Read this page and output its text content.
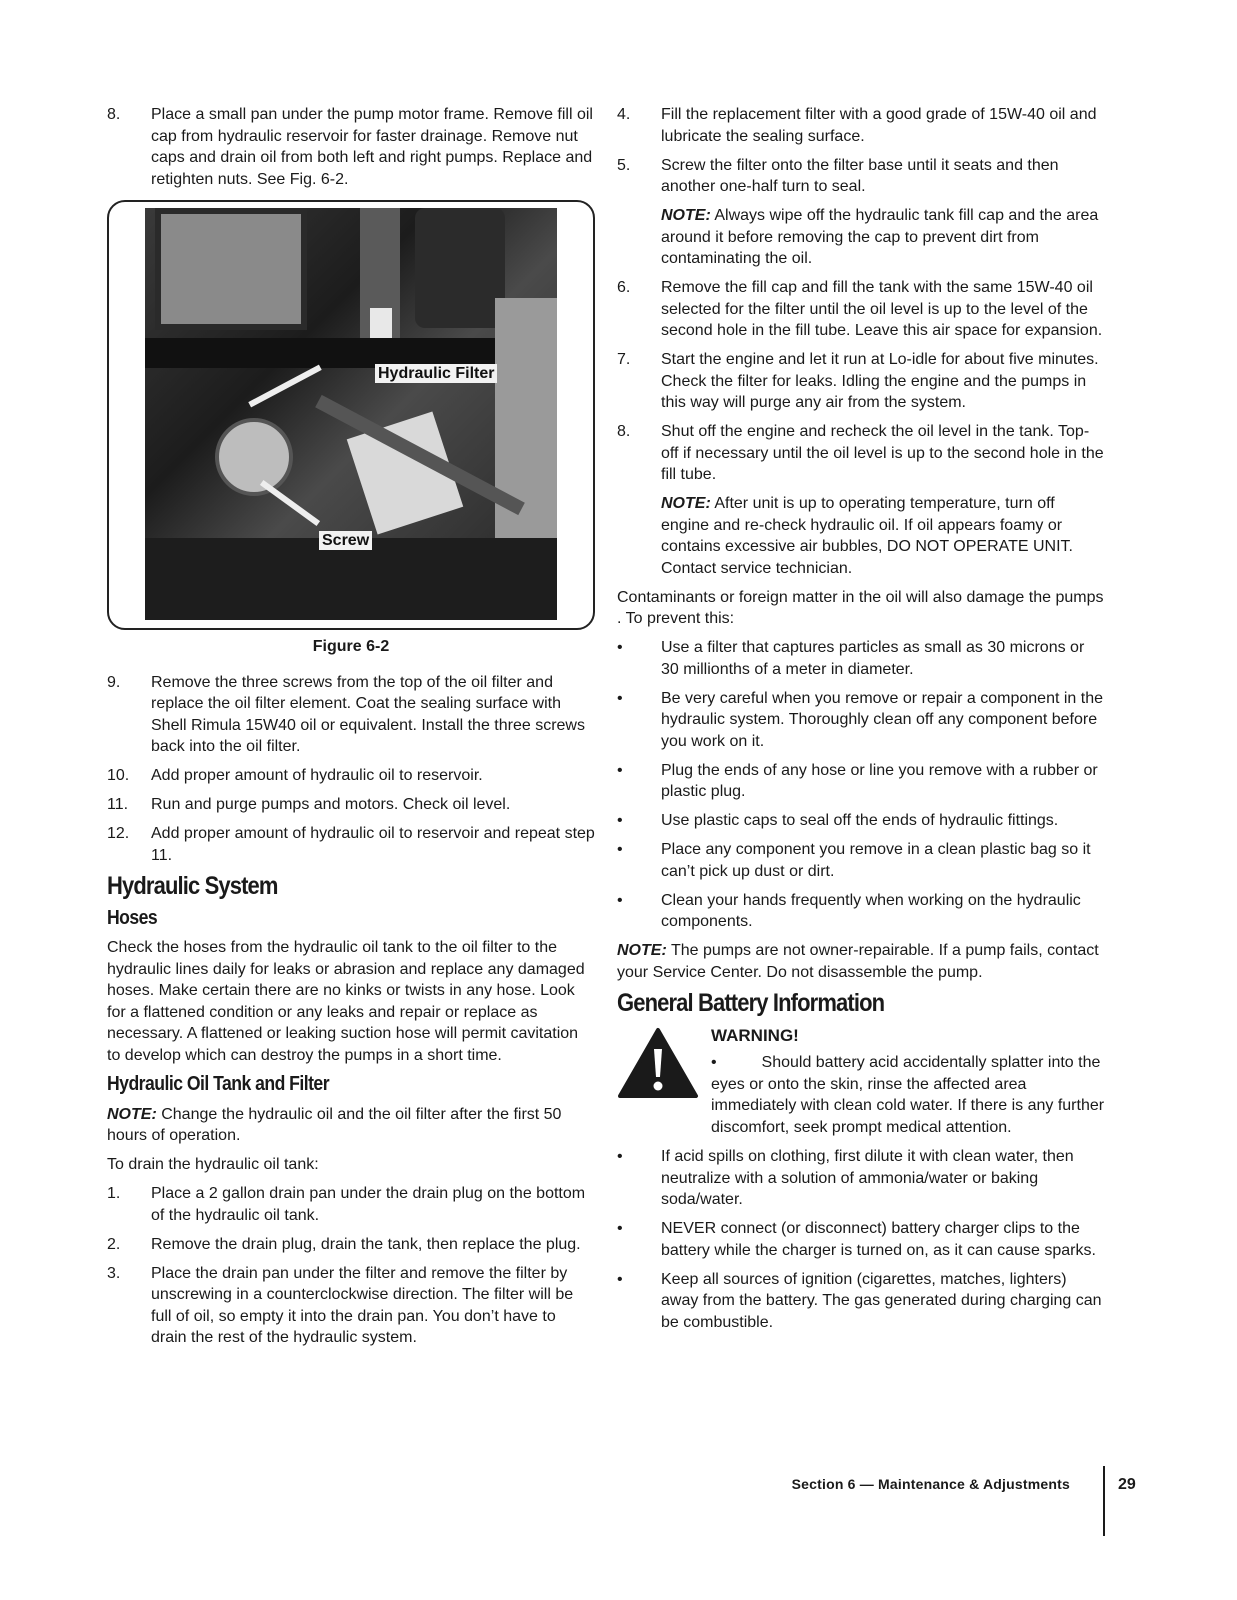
8.	Place a small pan under the pump motor frame. Remove fill oil cap from hydraulic reservoir for faster drainage. Remove nut caps and drain oil from both left and right pumps. Replace and retighten nuts. See Fig. 6-2.
Hydraulic Filter
Screw
Figure 6-2
9.	Remove the three screws from the top of the oil filter and replace the oil filter element. Coat the sealing surface with Shell Rimula 15W40 oil or equivalent. Install the three screws back into the oil filter.
10.	Add proper amount of hydraulic oil to reservoir.
11.	Run and purge pumps and motors. Check oil level.
12.	Add proper amount of hydraulic oil to reservoir and repeat step 11.
Hydraulic System
Hoses

Check the hoses from the hydraulic oil tank to the oil filter to the hydraulic lines daily for leaks or abrasion and replace any damaged hoses. Make certain there are no kinks or twists in any hose. Look for a flattened condition or any leaks and repair or replace as necessary. A flattened or leaking suction hose will permit cavitation to develop which can destroy the pumps in a short time.

Hydraulic Oil Tank and Filter

NOTE: Change the hydraulic oil and the oil filter after the first 50 hours of operation.

To drain the hydraulic oil tank:

1.	Place a 2 gallon drain pan under the drain plug on the bottom of the hydraulic oil tank.
2.	Remove the drain plug, drain the tank, then replace the plug.
3.	Place the drain pan under the filter and remove the filter by unscrewing in a counterclockwise direction. The filter will be full of oil, so empty it into the drain pan. You don’t have to drain the rest of the hydraulic system.
4.	Fill the replacement filter with a good grade of 15W-40 oil and lubricate the sealing surface.
5.	Screw the filter onto the filter base until it seats and then another one-half turn to seal.
NOTE: Always wipe off the hydraulic tank fill cap and the area around it before removing the cap to prevent dirt from contaminating the oil.
6.	Remove the fill cap and fill the tank with the same 15W-40 oil selected for the filter until the oil level is up to the level of the second hole in the fill tube. Leave this air space for expansion.
7.	Start the engine and let it run at Lo-idle for about five minutes. Check the filter for leaks. Idling the engine and the pumps in this way will purge any air from the system.
8.	Shut off the engine and recheck the oil level in the tank. Top-off if necessary until the oil level is up to the second hole in the fill tube.
NOTE: After unit is up to operating temperature, turn off engine and re-check hydraulic oil. If oil appears foamy or contains excessive air bubbles, DO NOT OPERATE UNIT. Contact service technician.

Contaminants or foreign matter in the oil will also damage the pumps . To prevent this:

•	Use a filter that captures particles as small as 30 microns or 30 millionths of a meter in diameter.
•	Be very careful when you remove or repair a component in the hydraulic system. Thoroughly clean off any component before you work on it.
•	Plug the ends of any hose or line you remove with a rubber or plastic plug.
•	Use plastic caps to seal off the ends of hydraulic fittings.
•	Place any component you remove in a clean plastic bag so it can’t pick up dust or dirt.
•	Clean your hands frequently when working on the hydraulic components.

NOTE: The pumps are not owner-repairable. If a pump fails, contact your Service Center. Do not disassemble the pump.

General Battery Information
WARNING!
•	Should battery acid accidentally splatter into the eyes or onto the skin, rinse the affected area immediately with clean cold water. If there is any further discomfort, seek prompt medical attention.
•	If acid spills on clothing, first dilute it with clean water, then neutralize with a solution of ammonia/water or baking soda/water.
•	NEVER connect (or disconnect) battery charger clips to the battery while the charger is turned on, as it can cause sparks.
•	Keep all sources of ignition (cigarettes, matches, lighters) away from the battery. The gas generated during charging can be combustible.
Section 6 — Maintenance & Adjustments	29
